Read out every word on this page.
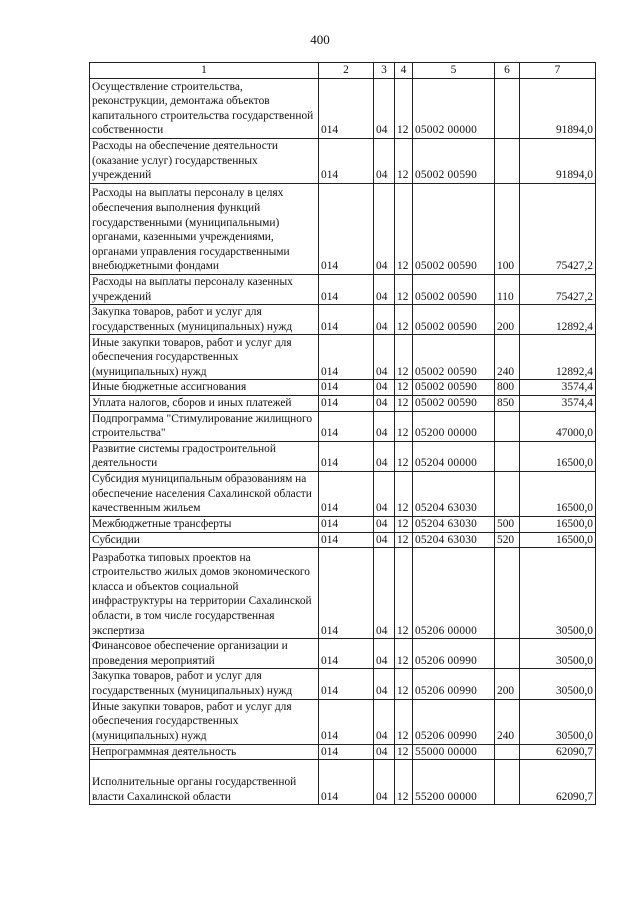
400
1	2	3	4	5	6	7
Осуществление строительства, реконструкции, демонтажа объектов капитального строительства государственной собственности	014	04	12	05002 00000		91894,0
Расходы на обеспечение деятельности (оказание услуг) государственных учреждений	014	04	12	05002 00590		91894,0
Расходы на выплаты персоналу в целях обеспечения выполнения функций государственными (муниципальными) органами, казенными учреждениями, органами управления государственными внебюджетными фондами	014	04	12	05002 00590	100	75427,2
Расходы на выплаты персоналу казенных учреждений	014	04	12	05002 00590	110	75427,2
Закупка товаров, работ и услуг для государственных (муниципальных) нужд	014	04	12	05002 00590	200	12892,4
Иные закупки товаров, работ и услуг для обеспечения государственных (муниципальных) нужд	014	04	12	05002 00590	240	12892,4
Иные бюджетные ассигнования	014	04	12	05002 00590	800	3574,4
Уплата налогов, сборов и иных платежей	014	04	12	05002 00590	850	3574,4
Подпрограмма "Стимулирование жилищного строительства"	014	04	12	05200 00000		47000,0
Развитие системы градостроительной деятельности	014	04	12	05204 00000		16500,0
Субсидия муниципальным образованиям на обеспечение населения Сахалинской области качественным жильем	014	04	12	05204 63030		16500,0
Межбюджетные трансферты	014	04	12	05204 63030	500	16500,0
Субсидии	014	04	12	05204 63030	520	16500,0
Разработка типовых проектов на строительство жилых домов экономического класса и объектов социальной инфраструктуры на территории Сахалинской области, в том числе государственная экспертиза	014	04	12	05206 00000		30500,0
Финансовое обеспечение организации и проведения мероприятий	014	04	12	05206 00990		30500,0
Закупка товаров, работ и услуг для государственных (муниципальных) нужд	014	04	12	05206 00990	200	30500,0
Иные закупки товаров, работ и услуг для обеспечения государственных (муниципальных) нужд	014	04	12	05206 00990	240	30500,0
Непрограммная деятельность	014	04	12	55000 00000		62090,7
Исполнительные органы государственной власти Сахалинской области	014	04	12	55200 00000		62090,7
